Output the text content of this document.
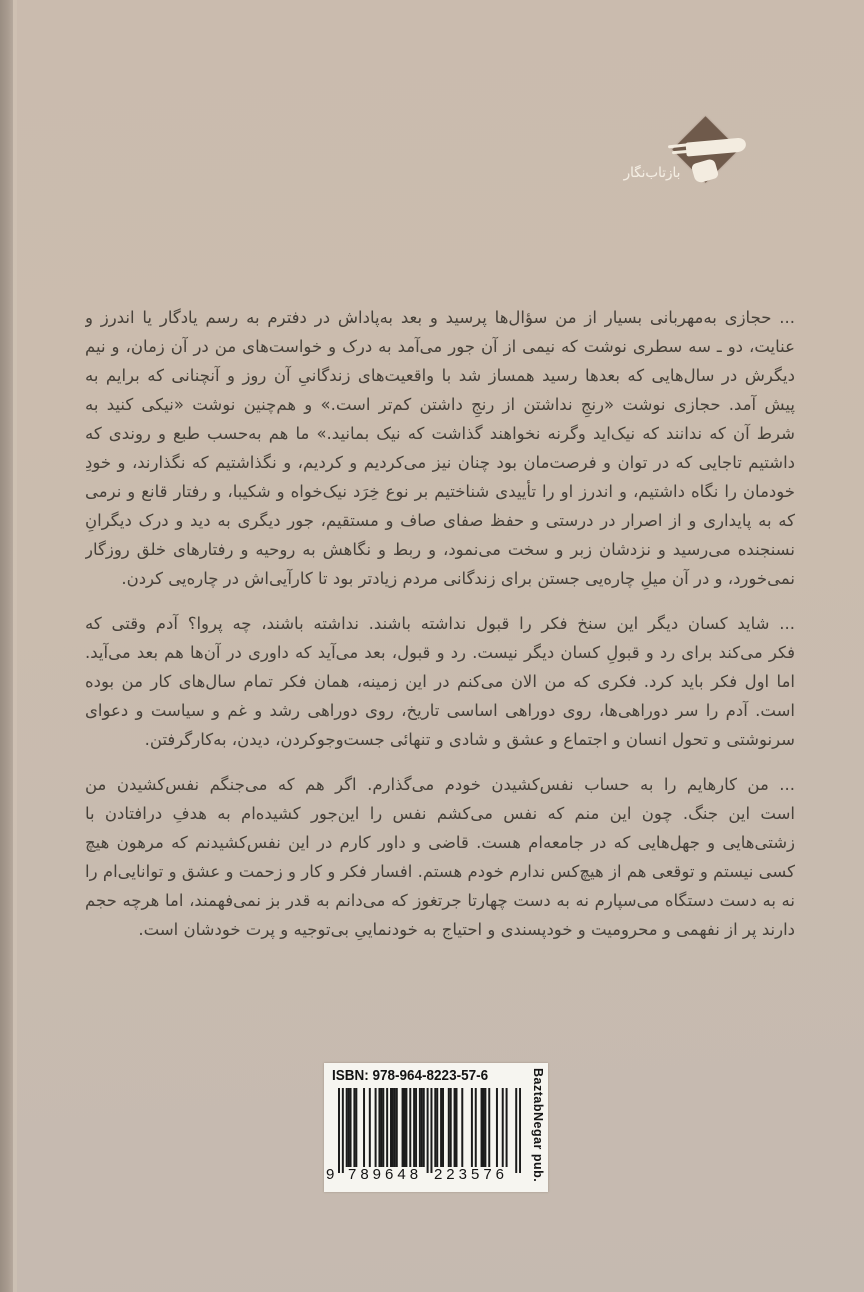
بازتاب‌نگار
... حجازی به‌مهربانی بسیار از من سؤال‌ها پرسید و بعد به‌پاداش در دفترم به رسم یادگار یا اندرز و
عنایت، دو ـ سه سطری نوشت که نیمی از آن جور می‌آمد به درک و خواست‌های من در آن زمان، و نیم
دیگرش در سال‌هایی که بعدها رسید همساز شد با واقعیت‌های زندگانیِ آن روز و آنچنانی که برایم به
پیش آمد. حجازی نوشت «رنجِ نداشتن از رنجِ داشتن کم‌تر است.» و هم‌چنین نوشت «نیکی کنید به
شرط آن که ندانند که نیک‌اید وگرنه نخواهند گذاشت که نیک بمانید.» ما هم به‌حسب طبع و روندی که
داشتیم تاجایی که در توان و فرصت‌مان بود چنان نیز می‌کردیم و کردیم، و نگذاشتیم که نگذارند، و خودِ
خودمان را نگاه داشتیم، و اندرز او را تأییدی شناختیم بر نوع خِرَد نیک‌خواه و شکیبا، و رفتار قانع و نرمی
که به پایداری و از اصرار در درستی و حفظ صفای صاف و مستقیم، جور دیگری به دید و درک دیگرانِ
نسنجنده می‌رسید و نزدشان زبر و سخت می‌نمود، و ربط و نگاهش به روحیه و رفتارهای خلق روزگار
نمی‌خورد، و در آن میلِ چاره‌یی جستن برای زندگانی مردم زیادتر بود تا کارآیی‌اش در چاره‌یی کردن.
... شاید کسان دیگر این سنخ فکر را قبول نداشته باشند. نداشته باشند، چه پروا؟ آدم وقتی که
فکر می‌کند برای رد و قبولِ کسان دیگر نیست. رد و قبول، بعد می‌آید که داوری در آن‌ها هم بعد می‌آید.
اما اول فکر باید کرد. فکری که من الان می‌کنم در این زمینه، همان فکر تمام سال‌های کار من بوده
است. آدم را سر دوراهی‌ها، روی دوراهی اساسی تاریخ، روی دوراهی رشد و غم و سیاست و دعوای
سرنوشتی و تحول انسان و اجتماع و عشق و شادی و تنهائی جست‌وجوکردن، دیدن، به‌کارگرفتن.
... من کارهایم را به حساب نفس‌کشیدن خودم می‌گذارم. اگر هم که می‌جنگم نفس‌کشیدن من
است این جنگ. چون این منم که نفس می‌کشم نفس را این‌جور کشیده‌ام به هدفِ درافتادن با
زشتی‌هایی و جهل‌هایی که در جامعه‌ام هست. قاضی و داور کارم در این نفس‌کشیدنم که مرهون هیچ
کسی نیستم و توقعی هم از هیچ‌کس ندارم خودم هستم. افسار فکر و کار و زحمت و عشق و توانایی‌ام را
نه به دست دستگاه می‌سپارم نه به دست چهارتا جرتغوز که می‌دانم به قدر بز نمی‌فهمند، اما هرچه حجم
دارند پر از نفهمی و محرومیت و خودپسندی و احتیاج به خودنماییِ بی‌توجیه و پرت خودشان است.
ISBN: 978-964-8223-57-6
9 789648 223576	BaztabNegar pub.
